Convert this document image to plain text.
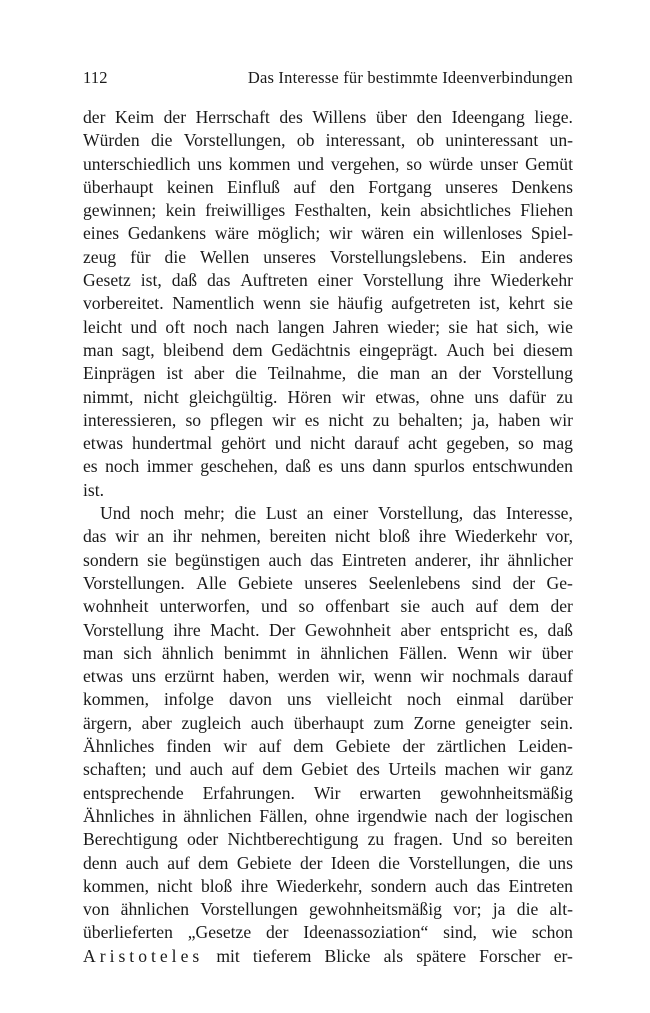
112	Das Interesse für bestimmte Ideenverbindungen
der Keim der Herrschaft des Willens über den Ideengang liege.
Würden die Vorstellungen, ob interessant, ob uninteressant un-
unterschiedlich uns kommen und vergehen, so würde unser Gemüt
überhaupt keinen Einfluß auf den Fortgang unseres Denkens
gewinnen; kein freiwilliges Festhalten, kein absichtliches Fliehen
eines Gedankens wäre möglich; wir wären ein willenloses Spiel-
zeug für die Wellen unseres Vorstellungslebens. Ein anderes
Gesetz ist, daß das Auftreten einer Vorstellung ihre Wiederkehr
vorbereitet. Namentlich wenn sie häufig aufgetreten ist, kehrt sie
leicht und oft noch nach langen Jahren wieder; sie hat sich, wie
man sagt, bleibend dem Gedächtnis eingeprägt. Auch bei diesem
Einprägen ist aber die Teilnahme, die man an der Vorstellung
nimmt, nicht gleichgültig. Hören wir etwas, ohne uns dafür zu
interessieren, so pflegen wir es nicht zu behalten; ja, haben wir
etwas hundertmal gehört und nicht darauf acht gegeben, so mag
es noch immer geschehen, daß es uns dann spurlos entschwunden
ist.
Und noch mehr; die Lust an einer Vorstellung, das Interesse,
das wir an ihr nehmen, bereiten nicht bloß ihre Wiederkehr vor,
sondern sie begünstigen auch das Eintreten anderer, ihr ähnlicher
Vorstellungen. Alle Gebiete unseres Seelenlebens sind der Ge-
wohnheit unterworfen, und so offenbart sie auch auf dem der
Vorstellung ihre Macht. Der Gewohnheit aber entspricht es, daß
man sich ähnlich benimmt in ähnlichen Fällen. Wenn wir über
etwas uns erzürnt haben, werden wir, wenn wir nochmals darauf
kommen, infolge davon uns vielleicht noch einmal darüber
ärgern, aber zugleich auch überhaupt zum Zorne geneigter sein.
Ähnliches finden wir auf dem Gebiete der zärtlichen Leiden-
schaften; und auch auf dem Gebiet des Urteils machen wir ganz
entsprechende Erfahrungen. Wir erwarten gewohnheitsmäßig
Ähnliches in ähnlichen Fällen, ohne irgendwie nach der logischen
Berechtigung oder Nichtberechtigung zu fragen. Und so bereiten
denn auch auf dem Gebiete der Ideen die Vorstellungen, die uns
kommen, nicht bloß ihre Wiederkehr, sondern auch das Eintreten
von ähnlichen Vorstellungen gewohnheitsmäßig vor; ja die alt-
überlieferten „Gesetze der Ideenassoziation“ sind, wie schon
Aristoteles mit tieferem Blicke als spätere Forscher er-
